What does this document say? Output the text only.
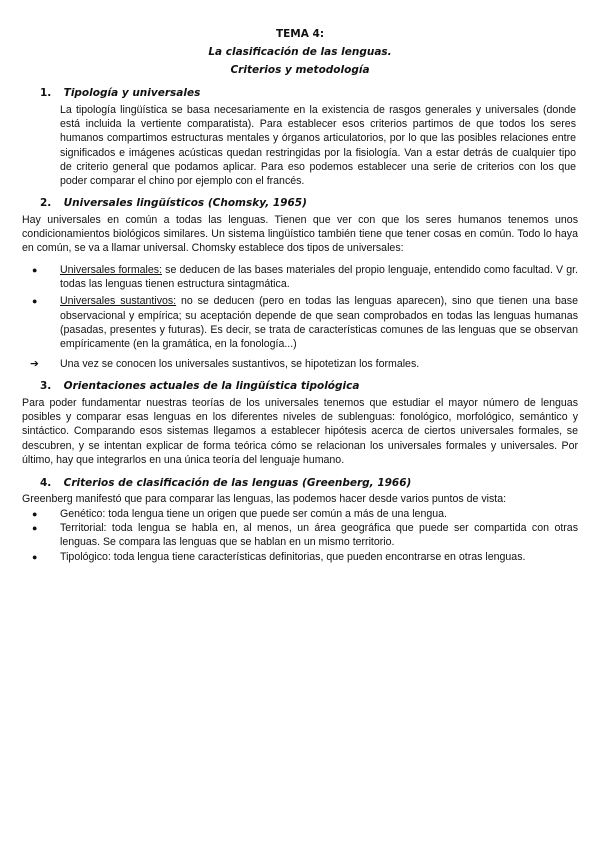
TEMA 4:
La clasificación de las lenguas.
Criterios y metodología
1. Tipología y universales
La tipología lingüística se basa necesariamente en la existencia de rasgos generales y universales (donde está incluida la vertiente comparatista). Para establecer esos criterios partimos de que todos los seres humanos compartimos estructuras mentales y órganos articulatorios, por lo que las posibles relaciones entre significados e imágenes acústicas quedan restringidas por la fisiología. Van a estar detrás de cualquier tipo de criterio general que podamos aplicar. Para eso podemos establecer una serie de criterios con los que poder comparar el chino por ejemplo con el francés.
2. Universales lingüísticos (Chomsky, 1965)
Hay universales en común a todas las lenguas. Tienen que ver con que los seres humanos tenemos unos condicionamientos biológicos similares. Un sistema lingüístico también tiene que tener cosas en común. Todo lo haya en común, se va a llamar universal. Chomsky establece dos tipos de universales:
● Universales formales: se deducen de las bases materiales del propio lenguaje, entendido como facultad. V gr. todas las lenguas tienen estructura sintagmática.
● Universales sustantivos: no se deducen (pero en todas las lenguas aparecen), sino que tienen una base observacional y empírica; su aceptación depende de que sean comprobados en todas las lenguas humanas (pasadas, presentes y futuras). Es decir, se trata de características comunes de las lenguas que se observan empíricamente (en la gramática, en la fonología...)
➔ Una vez se conocen los universales sustantivos, se hipotetizan los formales.
3. Orientaciones actuales de la lingüística tipológica
Para poder fundamentar nuestras teorías de los universales tenemos que estudiar el mayor número de lenguas posibles y comparar esas lenguas en los diferentes niveles de sublenguas: fonológico, morfológico, semántico y sintáctico. Comparando esos sistemas llegamos a establecer hipótesis acerca de ciertos universales formales, se descubren, y se intentan explicar de forma teórica cómo se relacionan los universales formales y universales. Por último, hay que integrarlos en una única teoría del lenguaje humano.
4. Criterios de clasificación de las lenguas (Greenberg, 1966)
Greenberg manifestó que para comparar las lenguas, las podemos hacer desde varios puntos de vista:
● Genético: toda lengua tiene un origen que puede ser común a más de una lengua.
● Territorial: toda lengua se habla en, al menos, un área geográfica que puede ser compartida con otras lenguas. Se compara las lenguas que se hablan en un mismo territorio.
● Tipológico: toda lengua tiene características definitorias, que pueden encontrarse en otras lenguas.
